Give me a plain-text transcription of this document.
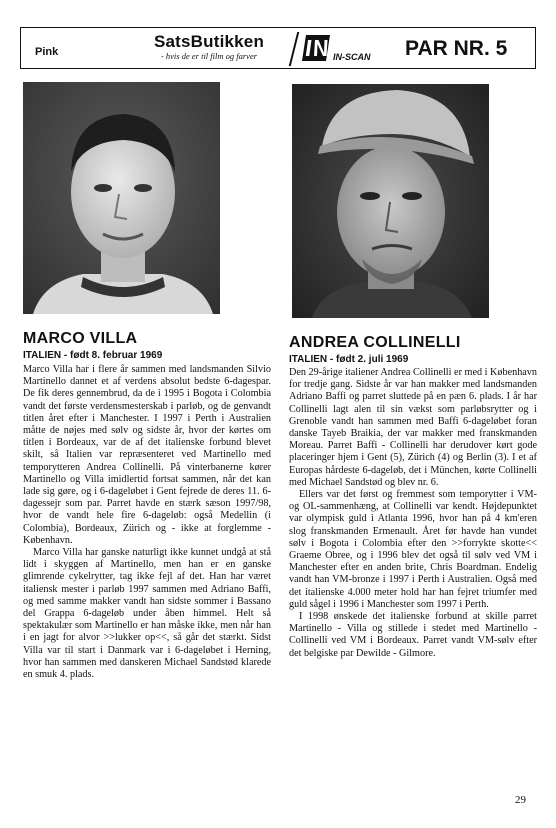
Pink
SatsButikken
- hvis de er til film og farver	IN-SCAN PAR NR. 5
MARCO VILLA
ITALIEN - født 8. februar 1969

Marco Villa har i flere år sammen med landsmanden Silvio Martinello dannet et af verdens absolut bedste 6-dagespar. De fik deres gennembrud, da de i 1995 i Bogota i Colombia vandt det første verdensmesterskab i parløb, og de genvandt titlen året efter i Manchester. I 1997 i Perth i Australien måtte de nøjes med sølv og sidste år, hvor der kørtes om titlen i Bordeaux, var de af det italienske forbund blevet skilt, så Italien var repræsenteret ved Martinello med temporytteren Andrea Collinelli. På vinterbanerne kører Martinello og Villa imidlertid fortsat sammen, når det kan lade sig gøre, og i 6-dageløbet i Gent fejrede de deres 11. 6-dagessejr som par. Parret havde en stærk sæson 1997/98, hvor de vandt hele fire 6-dageløb: også Medellin (i Colombia), Bordeaux, Zürich og - ikke at forglemme - København.

Marco Villa har ganske naturligt ikke kunnet undgå at stå lidt i skyggen af Martinello, men han er en ganske glimrende cykelrytter, tag ikke fejl af det. Han har været italiensk mester i parløb 1997 sammen med Adriano Baffi, og med samme makker vandt han sidste sommer i Bassano del Grappa 6-dageløb under åben himmel. Helt så spektakulær som Martinello er han måske ikke, men når han i en jagt for alvor >>lukker op<<, så går det stærkt. Sidst Villa var til start i Danmark var i 6-dageløbet i Herning, hvor han sammen med danskeren Michael Sandstød klarede en smuk 4. plads.

ANDREA COLLINELLI
ITALIEN - født 2. juli 1969

Den 29-årige italiener Andrea Collinelli er med i København for tredje gang. Sidste år var han makker med landsmanden Adriano Baffi og parret sluttede på en pæn 6. plads. I år har Collinelli lagt alen til sin vækst som parløbsrytter og i Grenoble vandt han sammen med Baffi 6-dageløbet foran danske Tayeb Braikia, der var makker med franskmanden Moreau. Parret Baffi - Collinelli har derudover kørt gode placeringer hjem i Gent (5), Zürich (4) og Berlin (3). I et af Europas hårdeste 6-dageløb, det i München, kørte Collinelli med Michael Sandstød og blev nr. 6.

Ellers var det først og fremmest som temporytter i VM- og OL-sammenhæng, at Collinelli var kendt. Højdepunktet var olympisk guld i Atlanta 1996, hvor han på 4 km'eren slog franskmanden Ermenault. Året før havde han vundet sølv i Bogota i Colombia efter den >>forrykte skotte<< Graeme Obree, og i 1996 blev det også til sølv ved VM i Manchester efter en anden brite, Chris Boardman. Endelig vandt han VM-bronze i 1997 i Perth i Australien. Også med det italienske 4.000 meter hold har han fejret triumfer med guld sågel i 1996 i Manchester som 1997 i Perth.

I 1998 ønskede det italienske forbund at skille parret Martinello - Villa og stillede i stedet med Martinello - Collinelli ved VM i Bordeaux. Parret vandt VM-sølv efter det belgiske par Dewilde - Gilmore.

29
